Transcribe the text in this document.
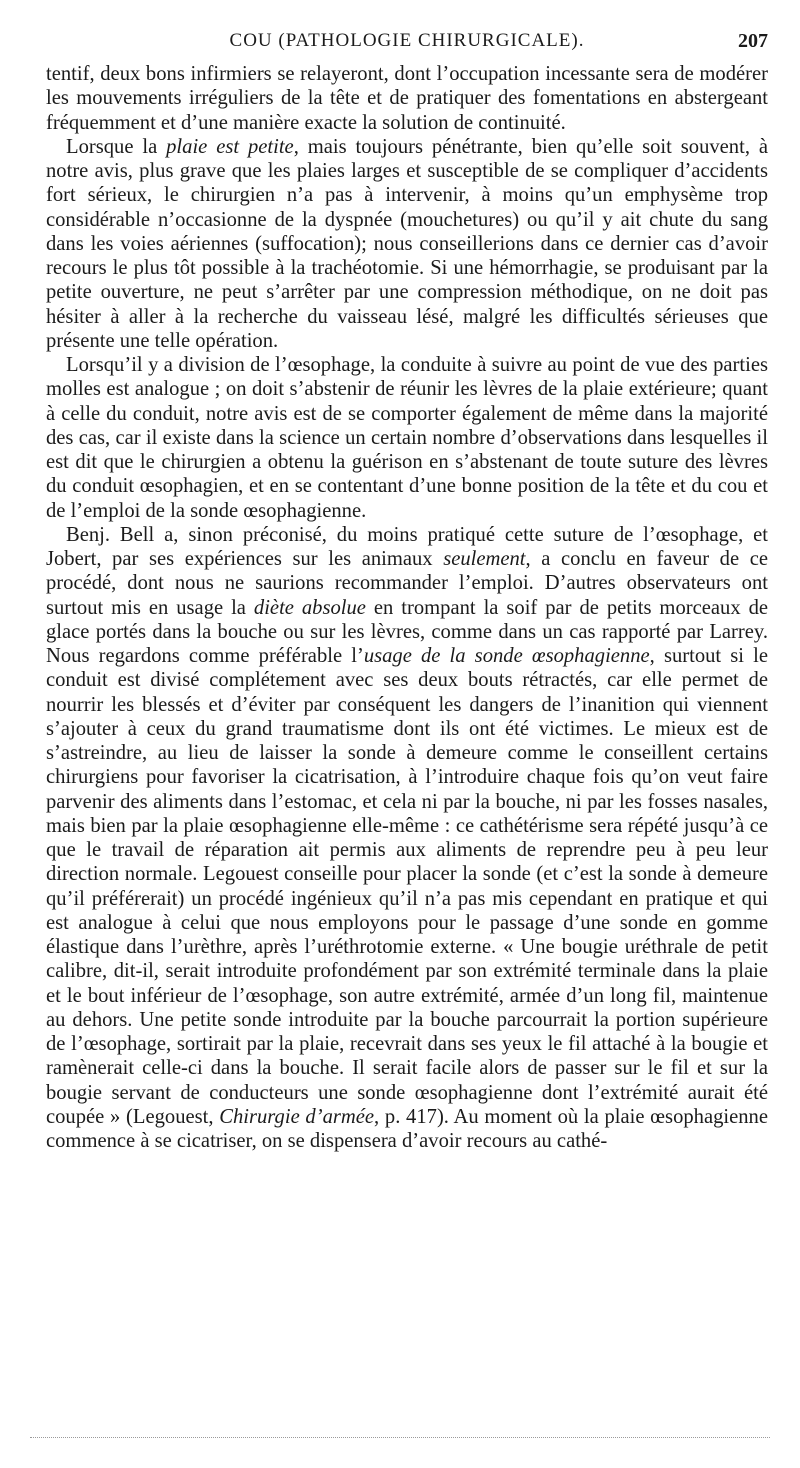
COU (PATHOLOGIE CHIRURGICALE).	207

tentif, deux bons infirmiers se relayeront, dont l’occupation incessante sera de modérer les mouvements irréguliers de la tête et de pratiquer des fomentations en abstergeant fréquemment et d’une manière exacte la solution de continuité.

Lorsque la plaie est petite, mais toujours pénétrante, bien qu’elle soit souvent, à notre avis, plus grave que les plaies larges et susceptible de se compliquer d’accidents fort sérieux, le chirurgien n’a pas à intervenir, à moins qu’un emphysème trop considérable n’occasionne de la dyspnée (mouchetures) ou qu’il y ait chute du sang dans les voies aériennes (suffocation); nous conseillerions dans ce dernier cas d’avoir recours le plus tôt possible à la trachéotomie. Si une hémorrhagie, se produisant par la petite ouverture, ne peut s’arrêter par une compression méthodique, on ne doit pas hésiter à aller à la recherche du vaisseau lésé, malgré les difficultés sérieuses que présente une telle opération.

Lorsqu’il y a division de l’œsophage, la conduite à suivre au point de vue des parties molles est analogue ; on doit s’abstenir de réunir les lèvres de la plaie extérieure; quant à celle du conduit, notre avis est de se comporter également de même dans la majorité des cas, car il existe dans la science un certain nombre d’observations dans lesquelles il est dit que le chirurgien a obtenu la guérison en s’abstenant de toute suture des lèvres du conduit œsophagien, et en se contentant d’une bonne position de la tête et du cou et de l’emploi de la sonde œsophagienne.

Benj. Bell a, sinon préconisé, du moins pratiqué cette suture de l’œsophage, et Jobert, par ses expériences sur les animaux seulement, a conclu en faveur de ce procédé, dont nous ne saurions recommander l’emploi. D’autres observateurs ont surtout mis en usage la diète absolue en trompant la soif par de petits morceaux de glace portés dans la bouche ou sur les lèvres, comme dans un cas rapporté par Larrey. Nous regardons comme préférable l’usage de la sonde œsophagienne, surtout si le conduit est divisé complétement avec ses deux bouts rétractés, car elle permet de nourrir les blessés et d’éviter par conséquent les dangers de l’inanition qui viennent s’ajouter à ceux du grand traumatisme dont ils ont été victimes. Le mieux est de s’astreindre, au lieu de laisser la sonde à demeure comme le conseillent certains chirurgiens pour favoriser la cicatrisation, à l’introduire chaque fois qu’on veut faire parvenir des aliments dans l’estomac, et cela ni par la bouche, ni par les fosses nasales, mais bien par la plaie œsophagienne elle-même : ce cathétérisme sera répété jusqu’à ce que le travail de réparation ait permis aux aliments de reprendre peu à peu leur direction normale. Legouest conseille pour placer la sonde (et c’est la sonde à demeure qu’il préférerait) un procédé ingénieux qu’il n’a pas mis cependant en pratique et qui est analogue à celui que nous employons pour le passage d’une sonde en gomme élastique dans l’urèthre, après l’uréthrotomie externe. « Une bougie uréthrale de petit calibre, dit-il, serait introduite profondément par son extrémité terminale dans la plaie et le bout inférieur de l’œsophage, son autre extrémité, armée d’un long fil, maintenue au dehors. Une petite sonde introduite par la bouche parcourrait la portion supérieure de l’œsophage, sortirait par la plaie, recevrait dans ses yeux le fil attaché à la bougie et ramènerait celle-ci dans la bouche. Il serait facile alors de passer sur le fil et sur la bougie servant de conducteurs une sonde œsophagienne dont l’extrémité aurait été coupée » (Legouest, Chirurgie d’armée, p. 417). Au moment où la plaie œsophagienne commence à se cicatriser, on se dispensera d’avoir recours au cathé-
